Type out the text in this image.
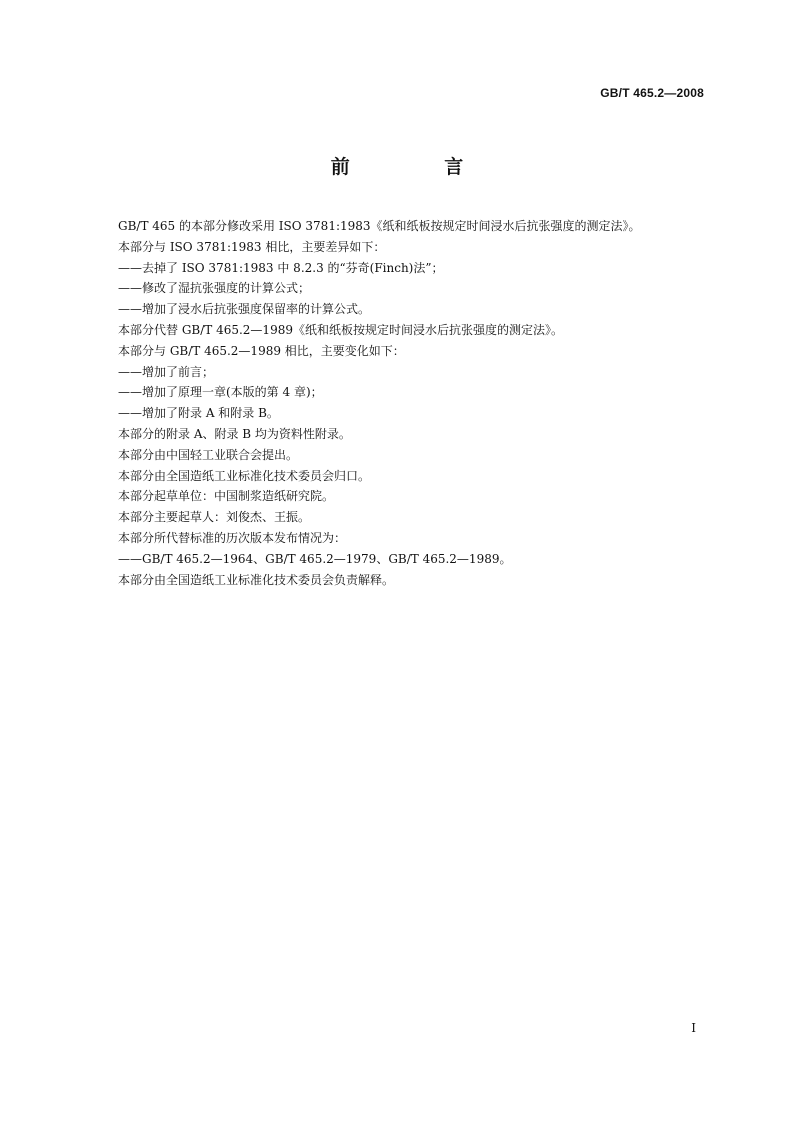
GB/T 465.2—2008
前 言
GB/T 465 的本部分修改采用 ISO 3781:1983《纸和纸板按规定时间浸水后抗张强度的测定法》。
本部分与 ISO 3781:1983 相比，主要差异如下：
——去掉了 ISO 3781:1983 中 8.2.3 的“芬奇(Finch)法”；
——修改了湿抗张强度的计算公式；
——增加了浸水后抗张强度保留率的计算公式。
本部分代替 GB/T 465.2—1989《纸和纸板按规定时间浸水后抗张强度的测定法》。
本部分与 GB/T 465.2—1989 相比，主要变化如下：
——增加了前言；
——增加了原理一章(本版的第 4 章)；
——增加了附录 A 和附录 B。
本部分的附录 A、附录 B 均为资料性附录。
本部分由中国轻工业联合会提出。
本部分由全国造纸工业标准化技术委员会归口。
本部分起草单位：中国制浆造纸研究院。
本部分主要起草人：刘俊杰、王振。
本部分所代替标准的历次版本发布情况为：
——GB/T 465.2—1964、GB/T 465.2—1979、GB/T 465.2—1989。
本部分由全国造纸工业标准化技术委员会负责解释。
I
